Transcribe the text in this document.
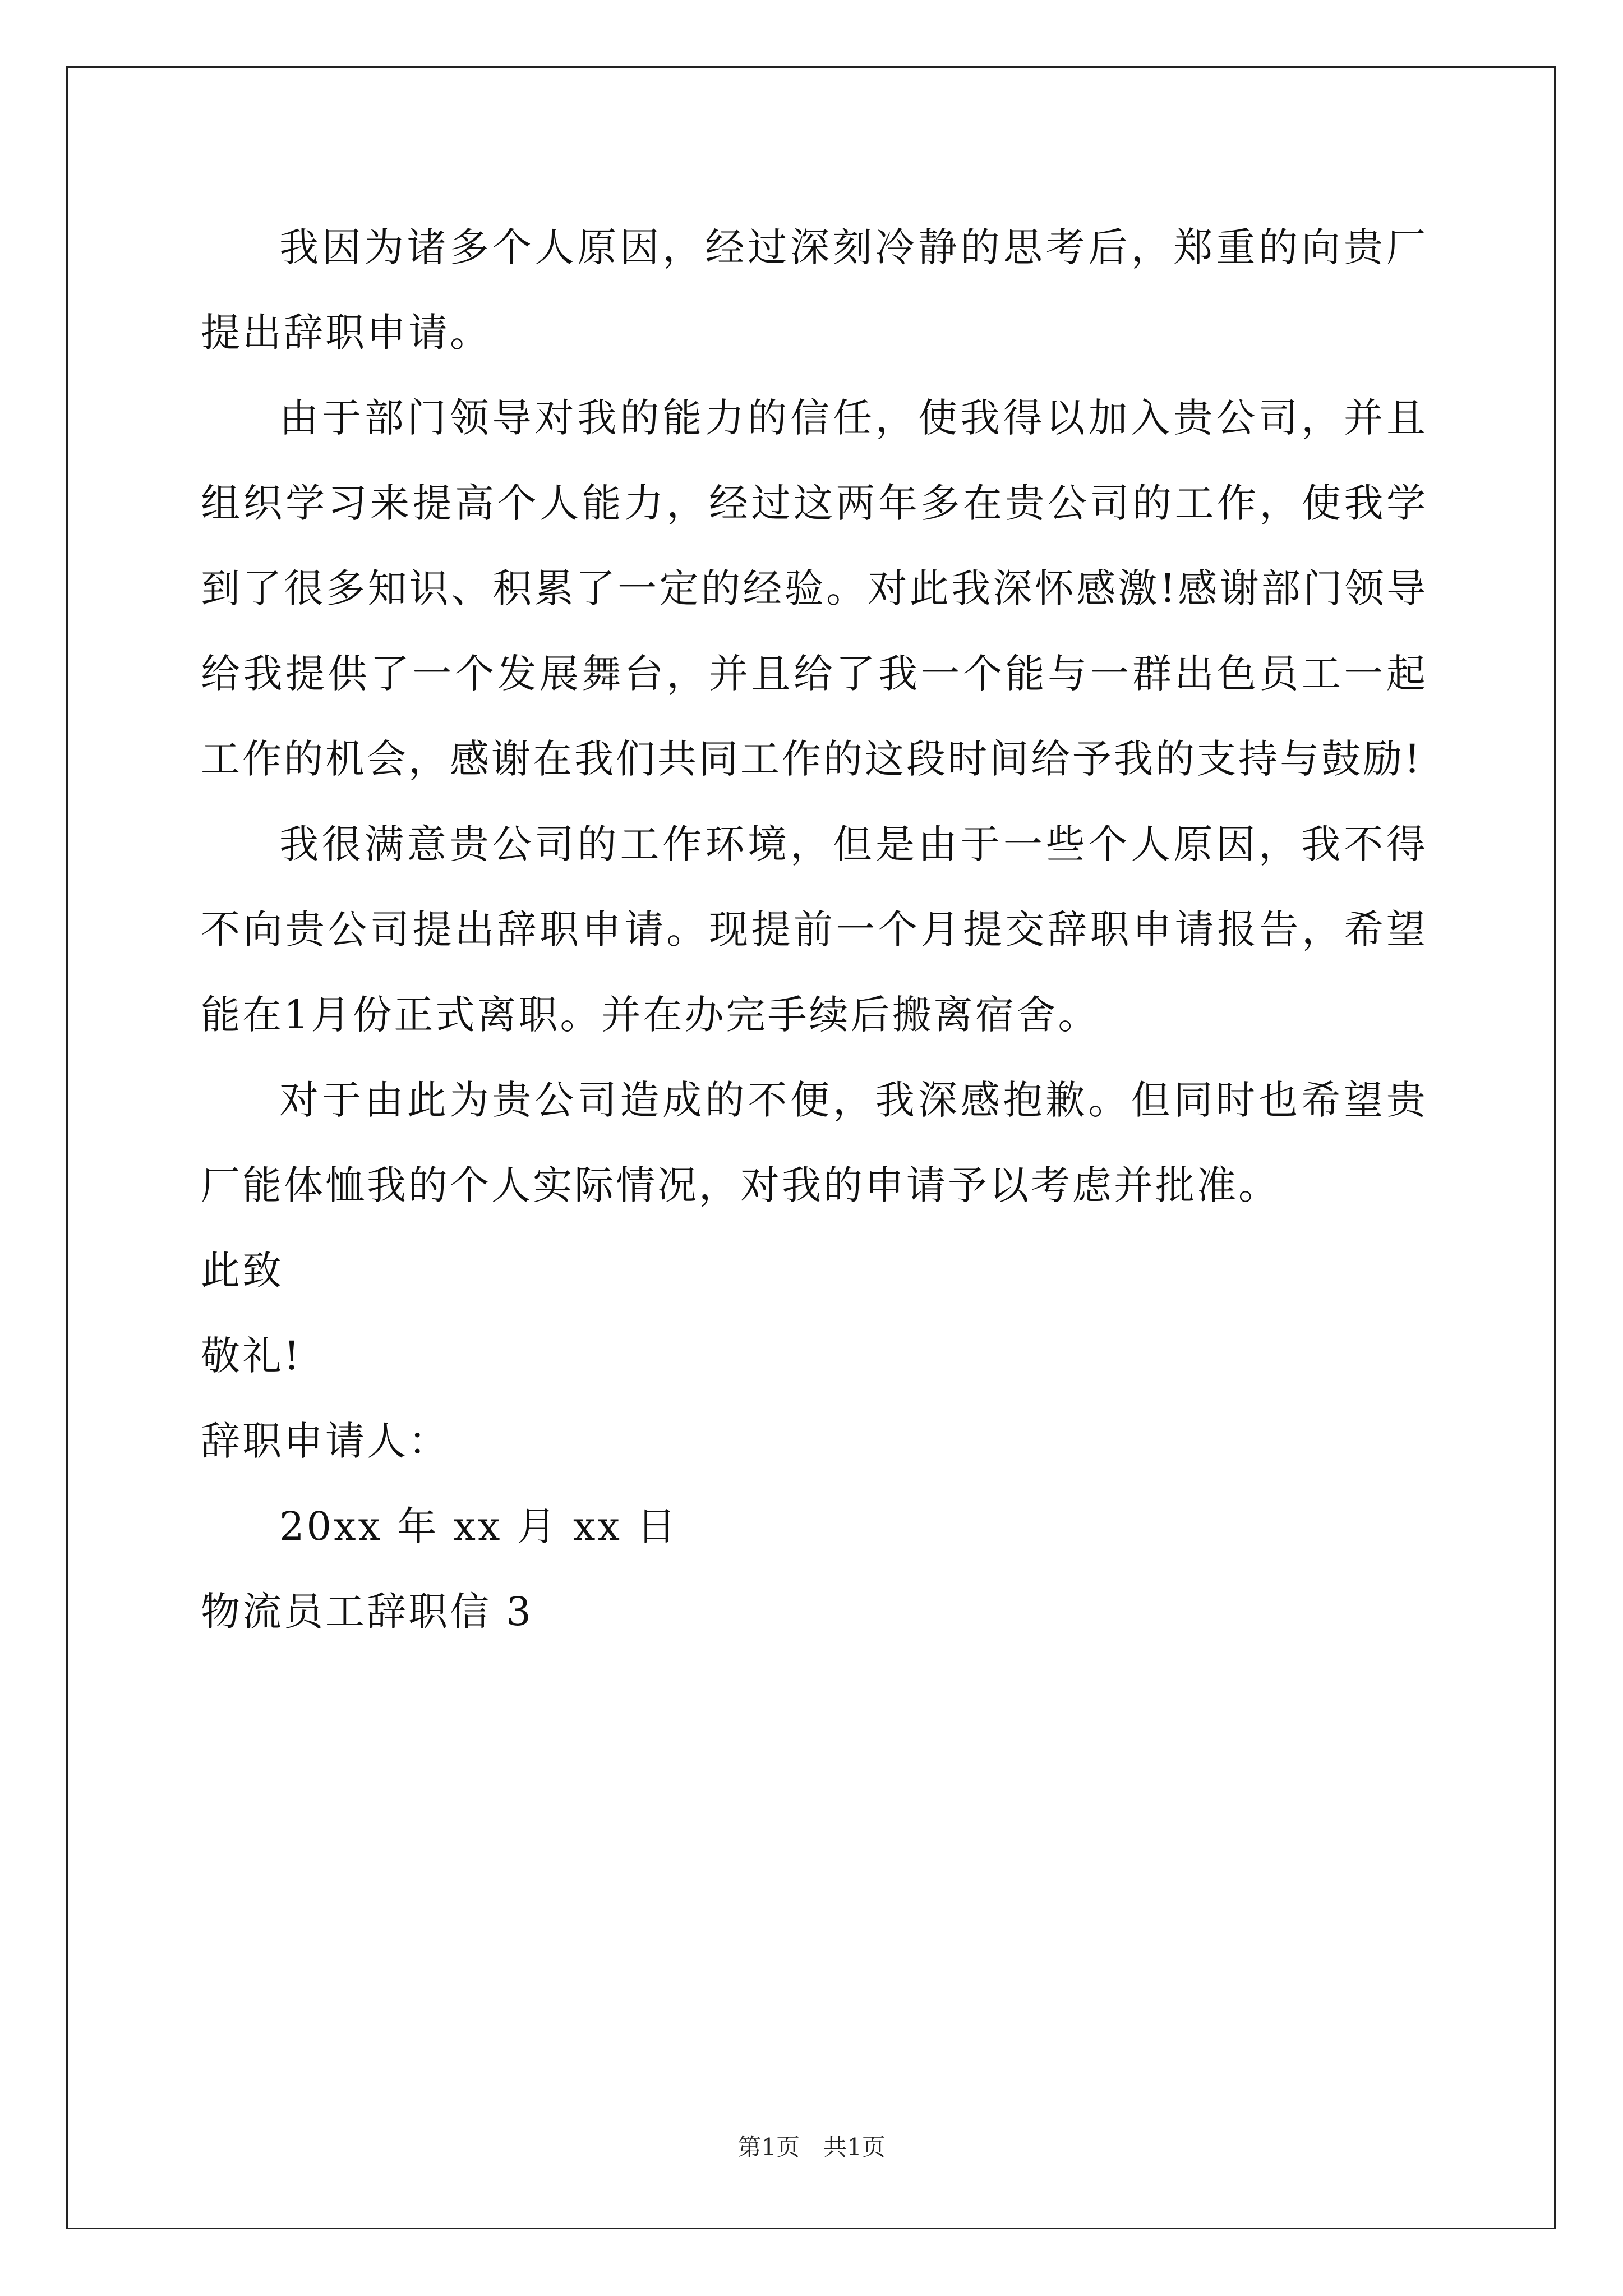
我因为诸多个人原因，经过深刻冷静的思考后，郑重的向贵厂提出辞职申请。

由于部门领导对我的能力的信任，使我得以加入贵公司，并且组织学习来提高个人能力，经过这两年多在贵公司的工作，使我学到了很多知识、积累了一定的经验。对此我深怀感激!感谢部门领导给我提供了一个发展舞台，并且给了我一个能与一群出色员工一起工作的机会，感谢在我们共同工作的这段时间给予我的支持与鼓励!

我很满意贵公司的工作环境，但是由于一些个人原因，我不得不向贵公司提出辞职申请。现提前一个月提交辞职申请报告，希望能在1月份正式离职。并在办完手续后搬离宿舍。

对于由此为贵公司造成的不便，我深感抱歉。但同时也希望贵厂能体恤我的个人实际情况，对我的申请予以考虑并批准。

此致

敬礼!

辞职申请人：

20xx 年 xx 月 xx 日

物流员工辞职信 3

第1页　共1页
